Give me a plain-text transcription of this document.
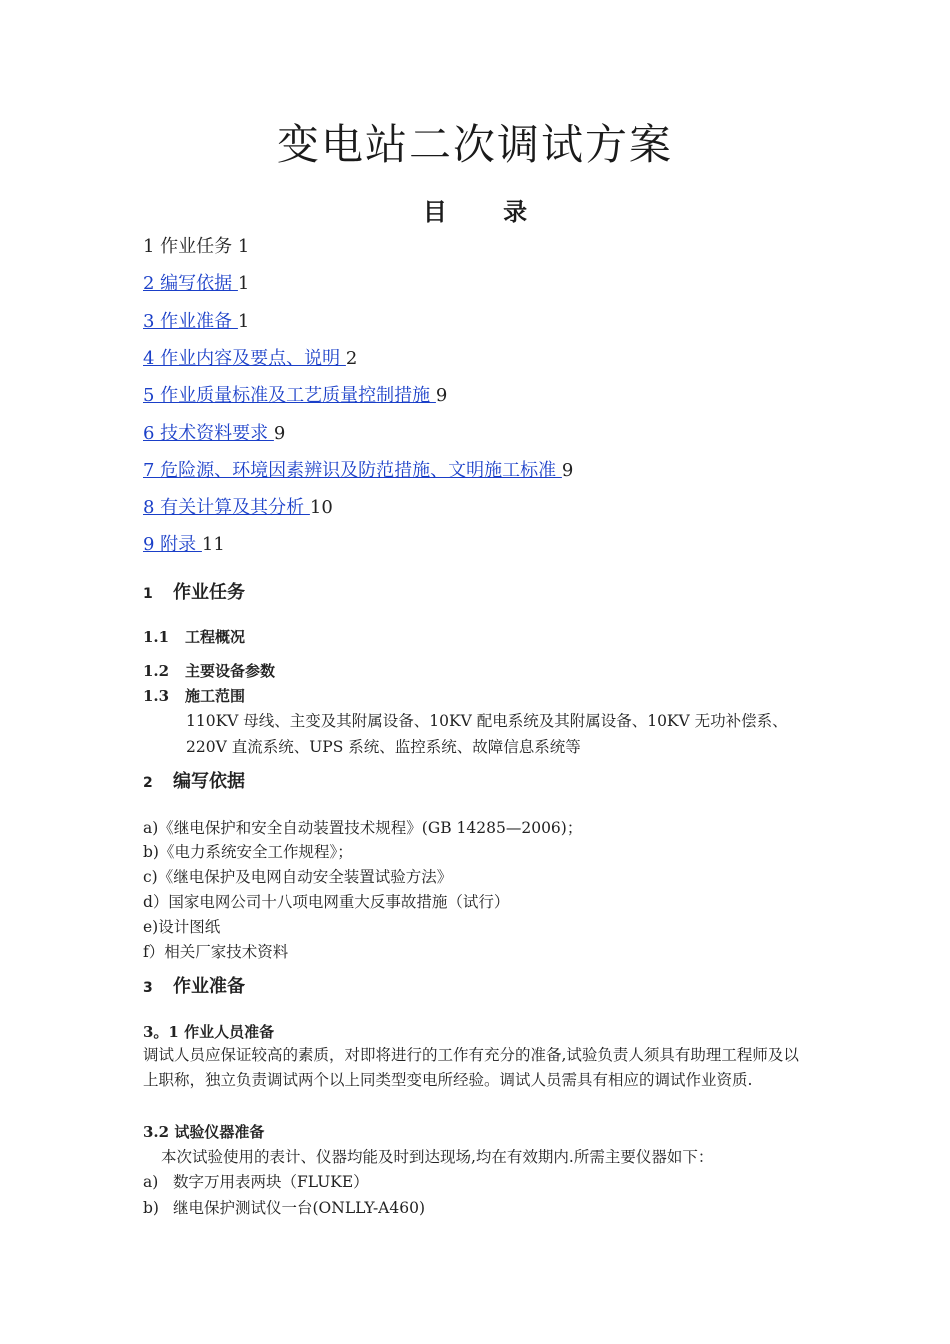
变电站二次调试方案
目 录
1 作业任务 1
2 编写依据 1
3 作业准备 1
4 作业内容及要点、说明 2
5 作业质量标准及工艺质量控制措施 9
6 技术资料要求 9
7 危险源、环境因素辨识及防范措施、文明施工标准 9
8 有关计算及其分析 10
9 附录 11
1 作业任务
1.1 工程概况
1.2 主要设备参数
1.3 施工范围
110KV 母线、主变及其附属设备、10KV 配电系统及其附属设备、10KV 无功补偿系、
220V 直流系统、UPS 系统、监控系统、故障信息系统等
2 编写依据
a)《继电保护和安全自动装置技术规程》(GB 14285—2006)；
b)《电力系统安全工作规程》；
c)《继电保护及电网自动安全装置试验方法》
d）国家电网公司十八项电网重大反事故措施（试行）
e)设计图纸
f）相关厂家技术资料
3 作业准备
3。1 作业人员准备
调试人员应保证较高的素质，对即将进行的工作有充分的准备,试验负责人须具有助理工程师及以上职称，独立负责调试两个以上同类型变电所经验。调试人员需具有相应的调试作业资质.
3.2 试验仪器准备
本次试验使用的表计、仪器均能及时到达现场,均在有效期内.所需主要仪器如下：
a) 数字万用表两块（FLUKE）
b) 继电保护测试仪一台(ONLLY-A460)
